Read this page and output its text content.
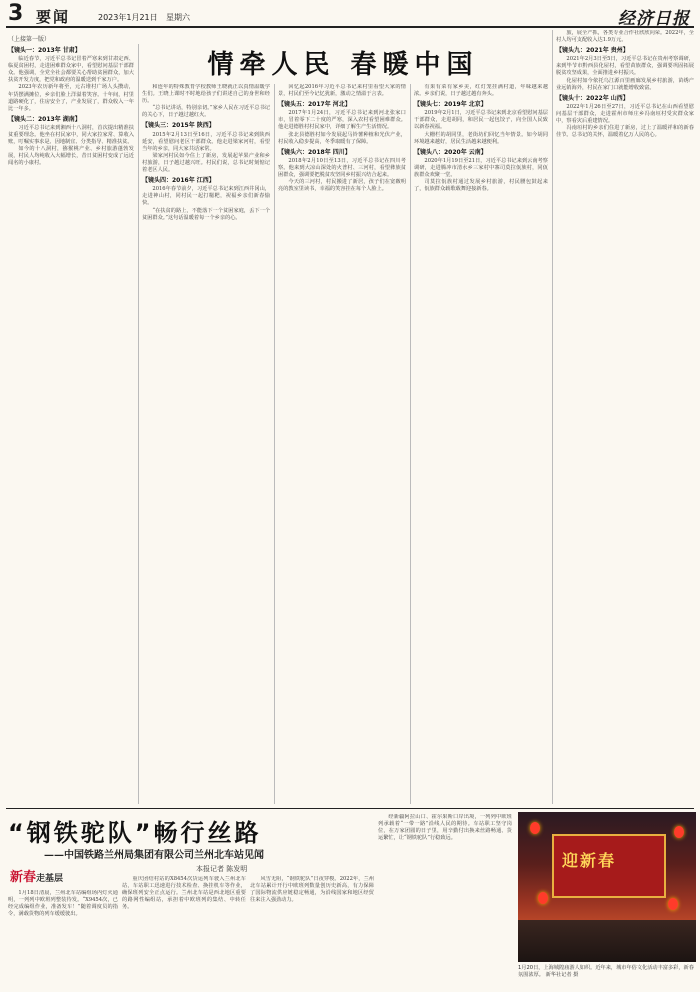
3 要闻	2023年1月21日 星期六	经济日报
（上接第一版）
情牵人民 春暖中国
【镜头一：2013年 甘肃】

临近春节，习近平总书记冒着严寒来到甘肃定西、临夏贫困村，走进困难群众家中，看望慰问基层干部群众。他强调，全党全社会都要关心帮助贫困群众，加大扶贫开发力度，把党和政府的温暖送到千家万户。

2023年农历新年将至，元古堆村广场人头攒动，年货摆满摊位，乡亲们脸上洋溢着笑容。十年间，村里道路硬化了，住房安全了，产业发展了，群众收入一年比一年多。

【镜头二：2013年 湖南】

习近平总书记来到湘西十八洞村，首次提出精准扶贫重要理念。他坐在村民家中，同大家拉家常、算收入账，叮嘱实事求是、因地制宜、分类指导、精准扶贫。

如今的十八洞村，猕猴桃产业、乡村旅游蓬勃发展，村民人均纯收入大幅增长，昔日贫困村变成了远近闻名的小康村。

和连年的特殊教育学校教师王晓就正以真情温暖学生们。王晓上课时不时地给孩子们讲述自己的身世和经历。

“总书记讲话，特别亲切。”家乡人民在习近平总书记的关心下，日子越过越红火。

【镜头三：2015年 陕西】

2015年2月13日至16日，习近平总书记来到陕西延安，看望慰问老区干部群众。他走进梁家河村，看望当年的乡亲，同大家共话家常。

梁家河村民如今住上了新房，发展起苹果产业和乡村旅游，日子越过越兴旺。村民们说，总书记时刻惦记着老区人民。

【镜头四：2016年 江西】

2016年春节前夕，习近平总书记来到江西井冈山，走进神山村，同村民一起打糍粑，祝福乡亲们新春愉快。

“在扶贫的路上，不能落下一个贫困家庭，丢下一个贫困群众。”这句话温暖着每一个乡亲的心。

回忆起2016年习近平总书记来村里看望大家的情景，村民们至今记忆犹新，激动之情溢于言表。

【镜头五：2017年 河北】

2017年1月24日，习近平总书记来到河北张家口市，冒着零下二十度的严寒，深入农村看望困难群众。他走进德胜村村民家中，详细了解生产生活情况。

张北县德胜村如今发展起马铃薯种植和光伏产业，村民收入稳步提高，冬季取暖有了保障。

【镜头六：2018年 四川】

2018年2月10日至13日，习近平总书记在四川考察。他来到大凉山深处的火普村、三河村，看望彝族贫困群众，强调要把脱贫攻坚同乡村振兴结合起来。

今天的三河村，村民搬进了新居，孩子们在宽敞明亮的教室里读书，幸福的笑容挂在每个人脸上。

有果有菜有家乡美，红灯笼挂满村道，年味越来越浓。乡亲们说，日子越过越有奔头。

【镜头七：2019年 北京】

2019年2月1日，习近平总书记来到北京看望慰问基层干部群众，走进胡同，和居民一起包饺子，向全国人民致以新春祝福。

大栅栏的胡同里，老街坊们回忆当年情景。如今胡同环境越来越好，居民生活越来越便利。

【镜头八：2020年 云南】

2020年1月19日至21日，习近平总书记来到云南考察调研，走进腾冲市清水乡三家村中寨司莫拉佤族村，同佤族群众欢聚一堂。

司莫拉佤族村通过发展乡村旅游，村民腰包鼓起来了，佤族群众载歌载舞迎接新春。

旅，展全产抓，各类专业合作社欣欣向荣。2022年，全村人均可支配收入达1.9万元。

【镜头九：2021年 贵州】

2021年2月3日至5日，习近平总书记在贵州考察调研，来到毕节市黔西县化屋村，看望苗族群众，强调要巩固拓展脱贫攻坚成果，全面推进乡村振兴。

化屋村如今依托乌江源百里画廊发展乡村旅游，苗绣产业远销海外，村民在家门口就能增收致富。

【镜头十：2022年 山西】

2022年1月26日至27日，习近平总书记在山西看望慰问基层干部群众，走进霍州市师庄乡冯南垣村受灾群众家中，察看灾后重建情况。

冯南垣村的乡亲们住进了新房，过上了温暖祥和的新春佳节。总书记的关怀，温暖着亿万人民的心。

“钢铁驼队”畅行丝路
——中国铁路兰州局集团有限公司兰州北车站见闻
本报记者 陈发明
新春走基层

1月18日清晨，兰州北车站编组场内灯火通明，一列列中欧班列整装待发。“X9454次，已经完成编组作业，准备发车！”随着调度员的指令，满载货物的列车缓缓驶出。

重庆团结村站的X8454次货运列车驶入兰州北车站，车站职工迅速进行技术检查、换挂机车等作业，确保班列安全正点运行。兰州北车站是西北地区重要的路网性编组站，承担着中欧班列的集结、中转任务。

风雪无阻，“钢铁驼队”日夜穿梭。2022年，兰州北车站累计开行中欧班列数量创历史新高，有力保障了国际物流供应链稳定畅通，为沿线国家和地区经贸往来注入强劲动力。

经新疆阿拉山口、霍尔果斯口岸出境，一列列中欧班列承载着“一带一路”沿线人民的期待。车站职工坚守岗位，在万家团圆的日子里，用辛勤付出换来丝路畅通、货运繁忙，让“钢铁驼队”行稳致远。

迎新春
1月20日，上海城隍庙游人如织。近年来，城市年俗文化活动丰富多彩，新春氛围浓厚。 新华社记者 摄
